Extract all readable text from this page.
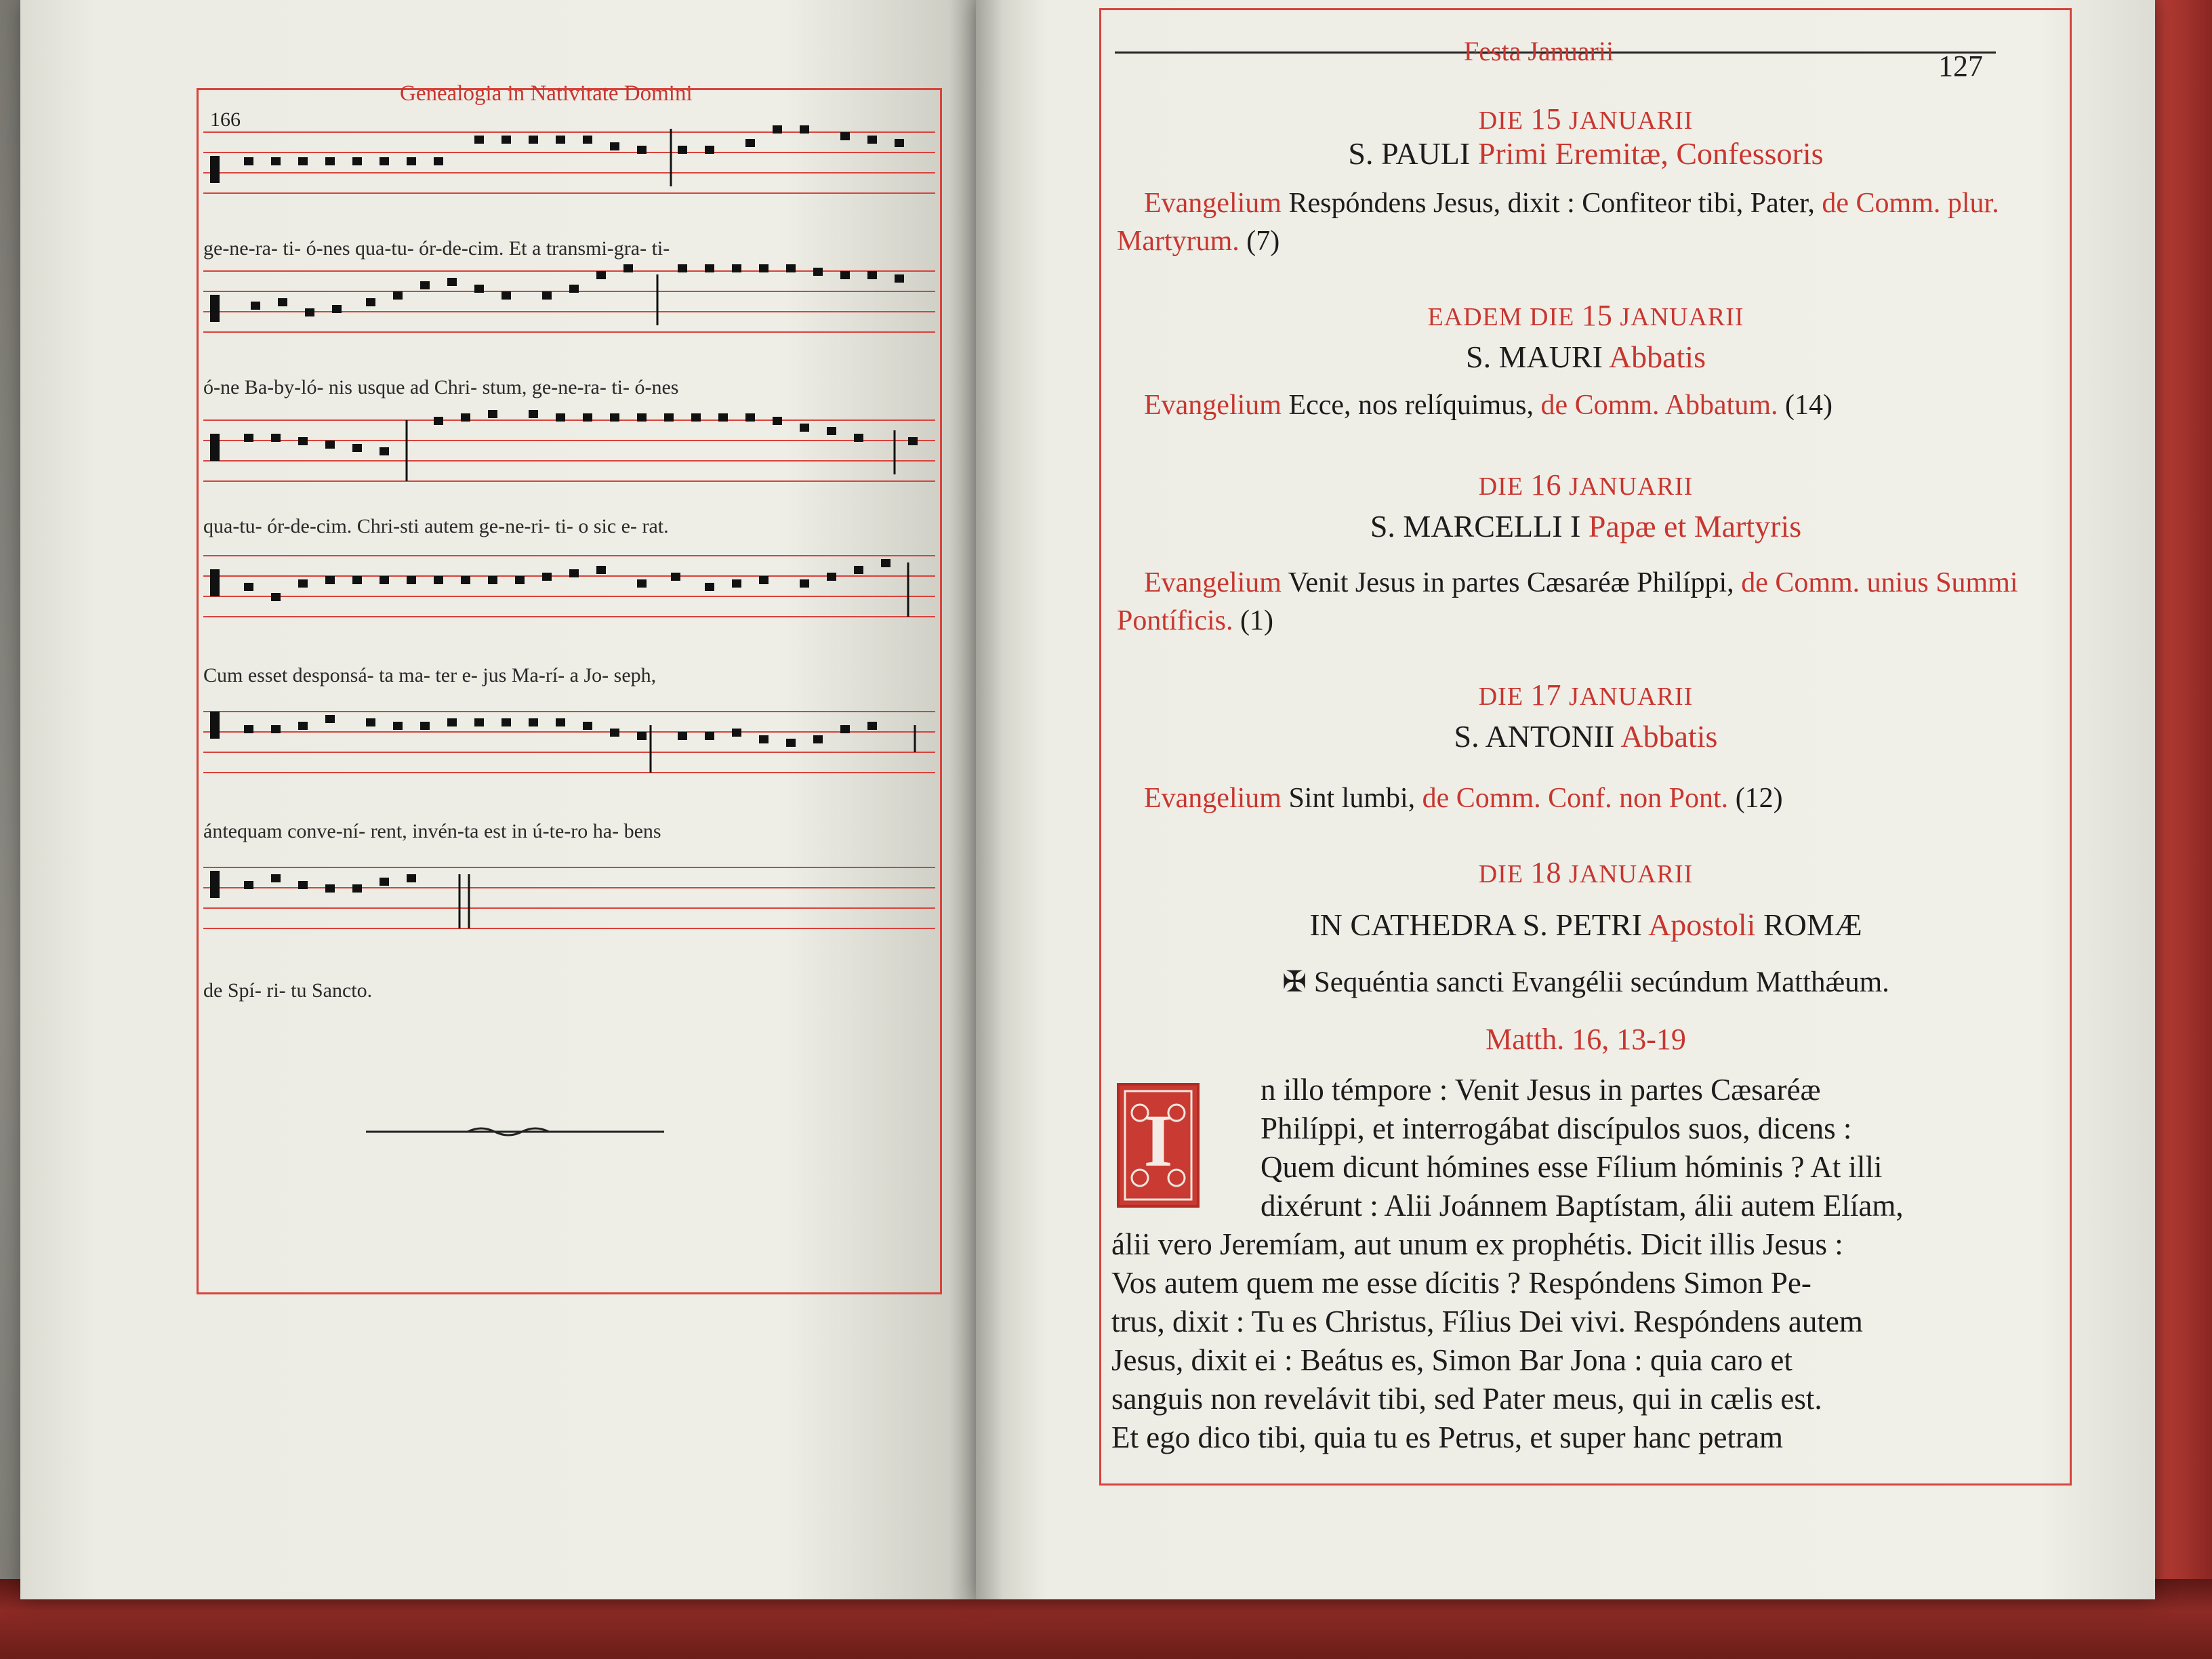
Genealogia in Nativitate Domini
166
ge-ne-ra- ti- ó-nes qua-tu- ór-de-cim. Et a transmi-gra- ti-
ó-ne Ba-by-ló- nis usque ad Chri- stum, ge-ne-ra- ti- ó-nes
qua-tu- ór-de-cim. Chri-sti autem ge-ne-ri- ti- o sic e- rat.
Cum esset desponsá- ta ma- ter e- jus Ma-rí- a Jo- seph,
ántequam conve-ní- rent, invén-ta est in ú-te-ro ha- bens
de Spí- ri- tu Sancto.
Festa Januarii	127
DIE 15 JANUARII
S. PAULI Primi Eremitæ, Confessoris
Evangelium Respóndens Jesus, dixit : Confiteor tibi, Pater, de Comm. plur. Martyrum. (7)
EADEM DIE 15 JANUARII
S. MAURI Abbatis
Evangelium Ecce, nos relíquimus, de Comm. Abbatum. (14)
DIE 16 JANUARII
S. MARCELLI I Papæ et Martyris
Evangelium Venit Jesus in partes Cæsaréæ Philíppi, de Comm. unius Summi Pontíficis. (1)
DIE 17 JANUARII
S. ANTONII Abbatis
Evangelium Sint lumbi, de Comm. Conf. non Pont. (12)
DIE 18 JANUARII
IN CATHEDRA S. PETRI Apostoli ROMÆ
✠ Sequéntia sancti Evangélii secúndum Matthǽum.
Matth. 16, 13-19
I
n illo témpore : Venit Jesus in partes Cæsaréæ
Philíppi, et interrogábat discípulos suos, dicens :
Quem dicunt hómines esse Fílium hóminis ? At illi
dixérunt : Alii Joánnem Baptístam, álii autem Elíam,
álii vero Jeremíam, aut unum ex prophétis. Dicit illis Jesus :
Vos autem quem me esse dícitis ? Respóndens Simon Pe-
trus, dixit : Tu es Christus, Fílius Dei vivi. Respóndens autem
Jesus, dixit ei : Beátus es, Simon Bar Jona : quia caro et
sanguis non revelávit tibi, sed Pater meus, qui in cælis est.
Et ego dico tibi, quia tu es Petrus, et super hanc petram
